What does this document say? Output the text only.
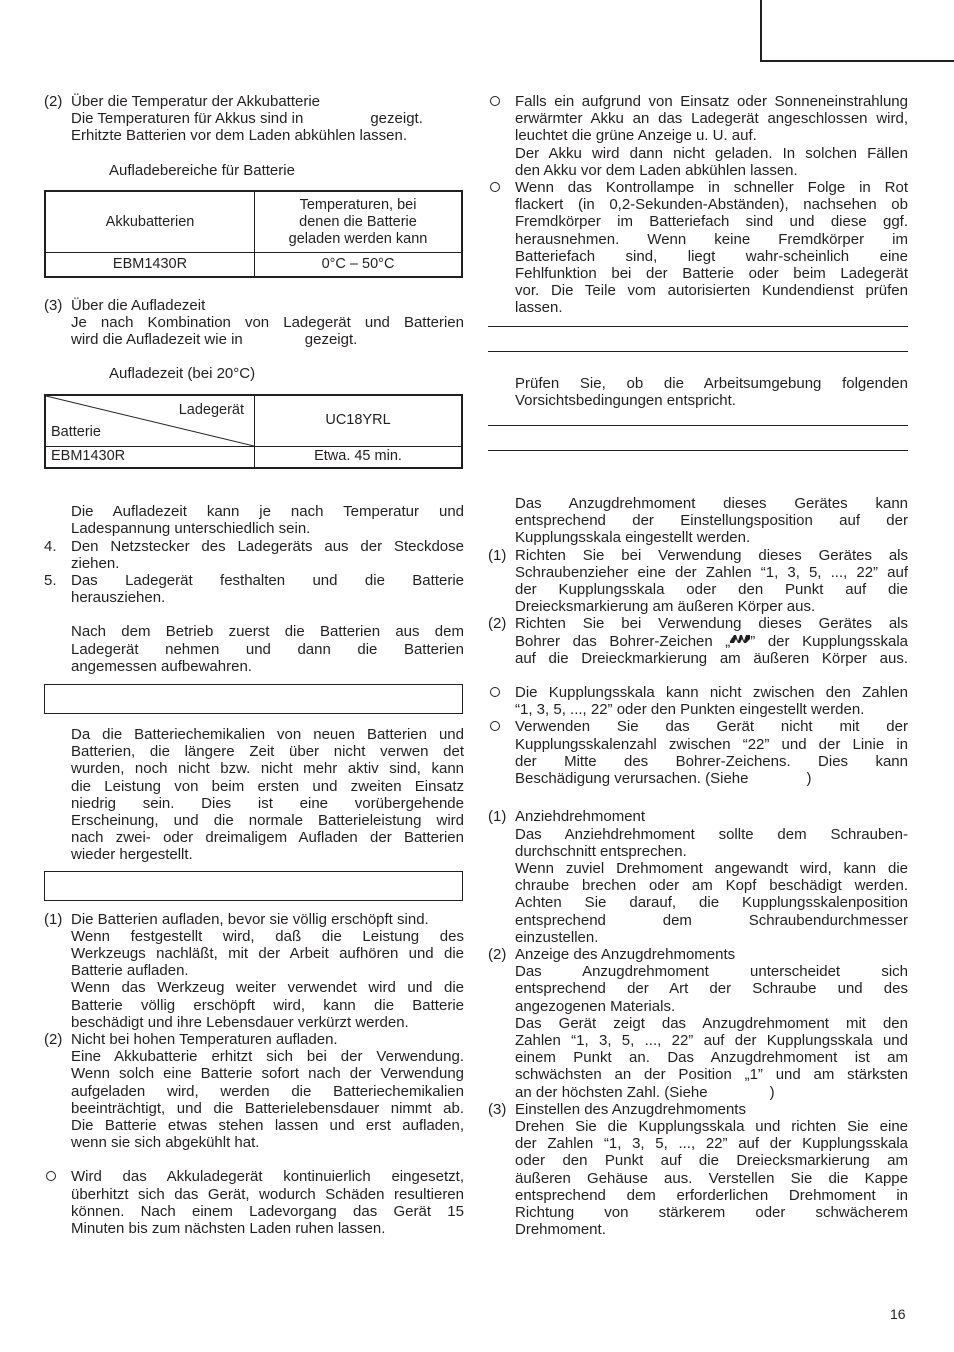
(2) Über die Temperatur der Akkubatterie
Die Temperaturen für Akkus sind in	gezeigt.
Erhitzte Batterien vor dem Laden abkühlen lassen.
Aufladebereiche für Batterie
Akkubatterien	Temperaturen, bei
denen die Batterie
geladen werden kann

EBM1430R	0°C – 50°C
(3) Über die Aufladezeit
Je nach Kombination von Ladegerät und Batterien
wird die Aufladezeit wie in	gezeigt.
Aufladezeit (bei 20°C)
Ladegerät
Batterie	UC18YRL
EBM1430R	Etwa. 45 min.
Die Aufladezeit kann je nach Temperatur und
Ladespannung unterschiedlich sein.
4. Den Netzstecker des Ladegeräts aus der Steckdose
ziehen.
5. Das Ladegerät festhalten und die Batterie
herausziehen.
Nach dem Betrieb zuerst die Batterien aus dem
Ladegerät nehmen und dann die Batterien
angemessen aufbewahren.
Da die Batteriechemikalien von neuen Batterien und
Batterien, die längere Zeit über nicht verwen det
wurden, noch nicht bzw. nicht mehr aktiv sind, kann
die Leistung von beim ersten und zweiten Einsatz
niedrig sein. Dies ist eine vorübergehende
Erscheinung, und die normale Batterieleistung wird
nach zwei- oder dreimaligem Aufladen der Batterien
wieder hergestellt.
(1) Die Batterien aufladen, bevor sie völlig erschöpft sind.
Wenn festgestellt wird, daß die Leistung des
Werkzeugs nachläßt, mit der Arbeit aufhören und die
Batterie aufladen.
Wenn das Werkzeug weiter verwendet wird und die
Batterie völlig erschöpft wird, kann die Batterie
beschädigt und ihre Lebensdauer verkürzt werden.
(2) Nicht bei hohen Temperaturen aufladen.
Eine Akkubatterie erhitzt sich bei der Verwendung.
Wenn solch eine Batterie sofort nach der Verwendung
aufgeladen wird, werden die Batteriechemikalien
beeinträchtigt, und die Batterielebensdauer nimmt ab.
Die Batterie etwas stehen lassen und erst aufladen,
wenn sie sich abgekühlt hat.
Wird das Akkuladegerät kontinuierlich eingesetzt,
überhitzt sich das Gerät, wodurch Schäden resultieren
können. Nach einem Ladevorgang das Gerät 15
Minuten bis zum nächsten Laden ruhen lassen.
Falls ein aufgrund von Einsatz oder Sonneneinstrahlung
erwärmter Akku an das Ladegerät angeschlossen wird,
leuchtet die grüne Anzeige u. U. auf.
Der Akku wird dann nicht geladen. In solchen Fällen
den Akku vor dem Laden abkühlen lassen.
Wenn das Kontrollampe in schneller Folge in Rot
flackert (in 0,2-Sekunden-Abständen), nachsehen ob
Fremdkörper im Batteriefach sind und diese ggf.
herausnehmen. Wenn keine Fremdkörper im
Batteriefach sind, liegt wahr-scheinlich eine
Fehlfunktion bei der Batterie oder beim Ladegerät
vor. Die Teile vom autorisierten Kundendienst prüfen
lassen.
Prüfen Sie, ob die Arbeitsumgebung folgenden
Vorsichtsbedingungen entspricht.
Das Anzugdrehmoment dieses Gerätes kann
entsprechend der Einstellungsposition auf der
Kupplungsskala eingestellt werden.
(1) Richten Sie bei Verwendung dieses Gerätes als
Schraubenzieher eine der Zahlen “1, 3, 5, ..., 22” auf
der Kupplungsskala oder den Punkt auf die
Dreiecksmarkierung am äußeren Körper aus.
(2) Richten Sie bei Verwendung dieses Gerätes als
Bohrer das Bohrer-Zeichen „ ” der Kupplungsskala
auf die Dreieckmarkierung am äußeren Körper aus.
Die Kupplungsskala kann nicht zwischen den Zahlen
“1, 3, 5, ..., 22” oder den Punkten eingestellt werden.
Verwenden Sie das Gerät nicht mit der
Kupplungsskalenzahl zwischen “22” und der Linie in
der Mitte des Bohrer-Zeichens. Dies kann
Beschädigung verursachen. (Siehe	)
(1) Anziehdrehmoment
Das Anziehdrehmoment sollte dem Schrauben-
durchschnitt entsprechen.
Wenn zuviel Drehmoment angewandt wird, kann die
chraube brechen oder am Kopf beschädigt werden.
Achten Sie darauf, die Kupplungsskalenposition
entsprechend dem Schraubendurchmesser
einzustellen.
(2) Anzeige des Anzugdrehmoments
Das Anzugdrehmoment unterscheidet sich
entsprechend der Art der Schraube und des
angezogenen Materials.
Das Gerät zeigt das Anzugdrehmoment mit den
Zahlen “1, 3, 5, ..., 22” auf der Kupplungsskala und
einem Punkt an. Das Anzugdrehmoment ist am
schwächsten an der Position „1” und am stärksten
an der höchsten Zahl. (Siehe	)
(3) Einstellen des Anzugdrehmoments
Drehen Sie die Kupplungsskala und richten Sie eine
der Zahlen “1, 3, 5, ..., 22” auf der Kupplungsskala
oder den Punkt auf die Dreiecksmarkierung am
äußeren Gehäuse aus. Verstellen Sie die Kappe
entsprechend dem erforderlichen Drehmoment in
Richtung von stärkerem oder schwächerem
Drehmoment.
16
